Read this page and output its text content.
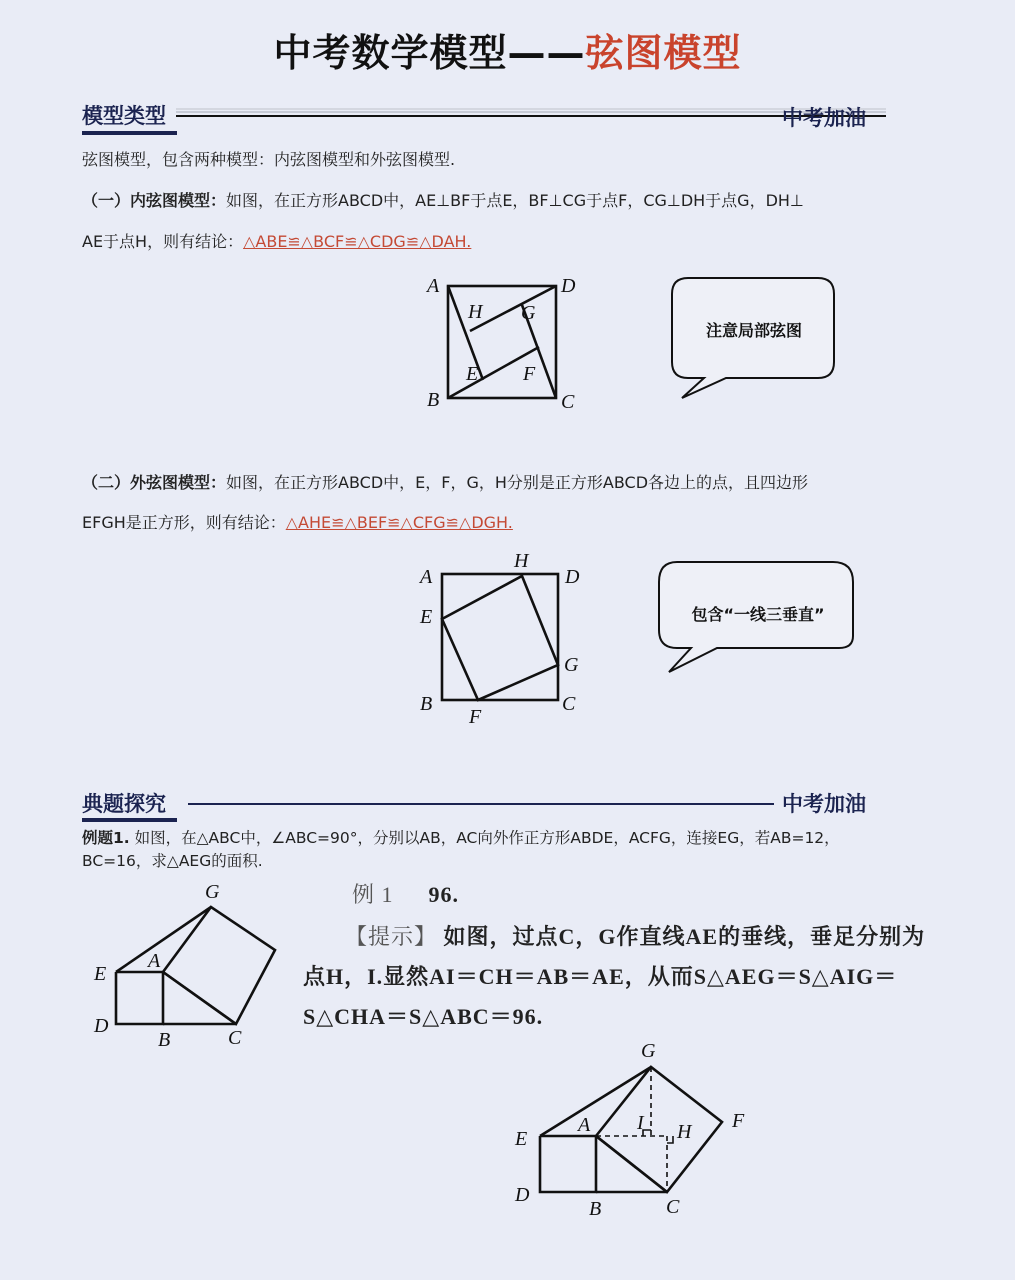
中考数学模型——弦图模型
模型类型	中考加油
弦图模型，包含两种模型：内弦图模型和外弦图模型.
（一）内弦图模型：如图，在正方形ABCD中，AE⊥BF于点E，BF⊥CG于点F，CG⊥DH于点G，DH⊥
AE于点H，则有结论：△ABE≌△BCF≌△CDG≌△DAH.
A	D
B	C
H G
E F
注意局部弦图
（二）外弦图模型：如图，在正方形ABCD中，E，F，G，H分别是正方形ABCD各边上的点，且四边形
EFGH是正方形，则有结论：△AHE≌△BEF≌△CFG≌△DGH.
A	D
H
E
G
B	C
F
包含“一线三垂直”
典题探究	中考加油
例题1. 如图，在△ABC中，∠ABC=90°，分别以AB，AC向外作正方形ABDE，ACFG，连接EG，若AB=12，
BC=16，求△AEG的面积.
G
A
E
D
B	C
例 1 96.
【提示】 如图，过点C，G作直线AE的垂线，垂足分别为
点H，I.显然AI＝CH＝AB＝AE，从而S△AEG＝S△AIG＝
S△CHA＝S△ABC＝96.
G
A
E
D
B	C
F
I H
